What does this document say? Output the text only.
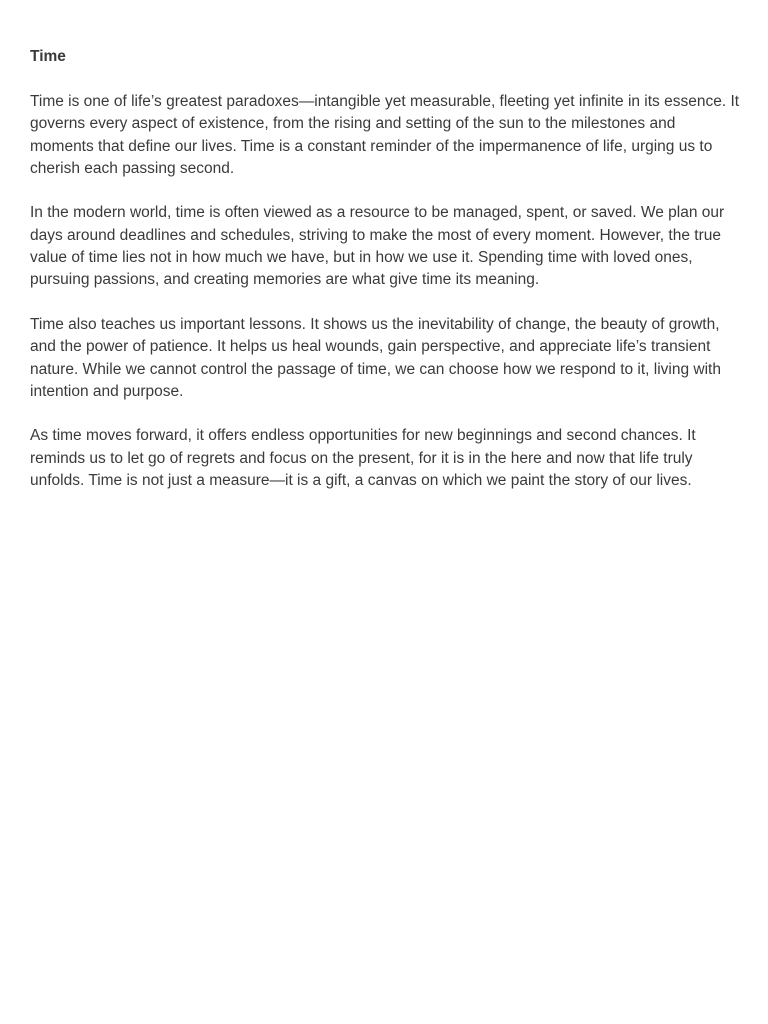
Time

Time is one of life’s greatest paradoxes—intangible yet measurable, fleeting yet infinite in its essence. It governs every aspect of existence, from the rising and setting of the sun to the milestones and moments that define our lives. Time is a constant reminder of the impermanence of life, urging us to cherish each passing second.

In the modern world, time is often viewed as a resource to be managed, spent, or saved. We plan our days around deadlines and schedules, striving to make the most of every moment. However, the true value of time lies not in how much we have, but in how we use it. Spending time with loved ones, pursuing passions, and creating memories are what give time its meaning.

Time also teaches us important lessons. It shows us the inevitability of change, the beauty of growth, and the power of patience. It helps us heal wounds, gain perspective, and appreciate life’s transient nature. While we cannot control the passage of time, we can choose how we respond to it, living with intention and purpose.

As time moves forward, it offers endless opportunities for new beginnings and second chances. It reminds us to let go of regrets and focus on the present, for it is in the here and now that life truly unfolds. Time is not just a measure—it is a gift, a canvas on which we paint the story of our lives.
